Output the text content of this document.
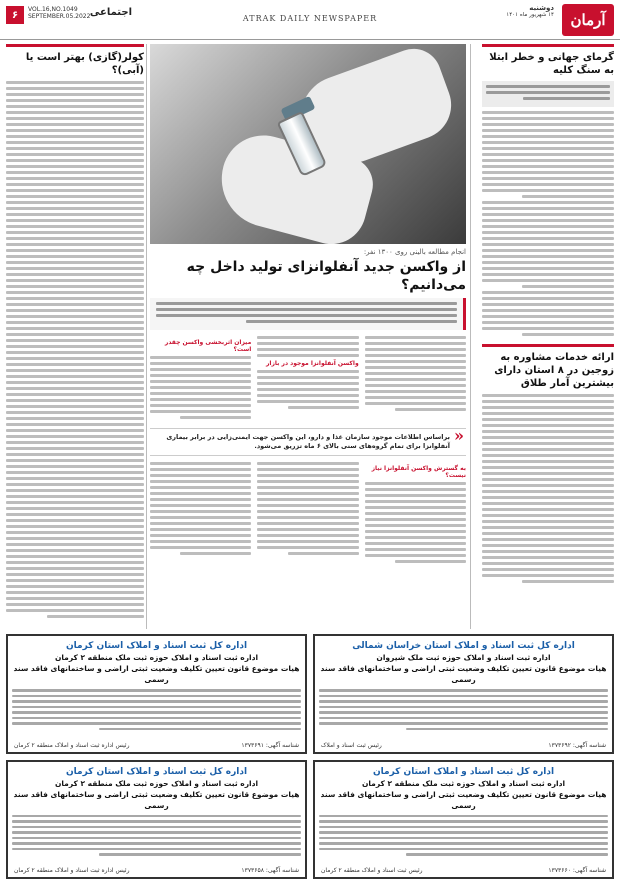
آرمان
دوشنبه
۱۴ شهریور ماه ۱۴۰۱
ATRAK DAILY NEWSPAPER
۶	VOL.16,NO.1049
SEPTEMBER.05.2022 اجتماعی
گرمای جهانی و خطر ابتلا به سنگ کلیه
ارائه خدمات مشاوره به زوجین در ۸ استان دارای بیشترین آمار طلاق
کولر(گازی) بهتر است یا (آبی)؟
انجام مطالعه بالینی روی ۱۳۰۰ نفر:
از واکسن جدید آنفلوانزای تولید داخل چه می‌دانیم؟
واکسن آنفلوانزا موجود در بازار
میزان اثربخشی واکسن چقدر است؟
«
براساس اطلاعات موجود سازمان غذا و دارو، این واکسن جهت ایمنی‌زایی در برابر بیماری آنفلوانزا برای تمام گروه‌های سنی بالای ۶ ماه تزریق می‌شود.
به گسترش واکسن آنفلوانزا نیاز نیست؟
اداره کل ثبت اسناد و املاک استان خراسان شمالی
اداره ثبت اسناد و املاک حوزه ثبت ملک شیروان
هیات موضوع قانون تعیین تکلیف وضعیت ثبتی اراضی و ساختمانهای فاقد سند رسمی
شناسه آگهی: ۱۳۷۳۶۹۲
رئیس ثبت اسناد و املاک
اداره کل ثبت اسناد و املاک استان کرمان
اداره ثبت اسناد و املاک حوزه ثبت ملک منطقه ۲ کرمان
هیات موضوع قانون تعیین تکلیف وضعیت ثبتی اراضی و ساختمانهای فاقد سند رسمی
شناسه آگهی: ۱۳۷۳۶۹۱
رئیس اداره ثبت اسناد و املاک منطقه ۲ کرمان
اداره کل ثبت اسناد و املاک استان کرمان
اداره ثبت اسناد و املاک حوزه ثبت ملک منطقه ۲ کرمان
هیات موضوع قانون تعیین تکلیف وضعیت ثبتی اراضی و ساختمانهای فاقد سند رسمی
شناسه آگهی: ۱۳۷۳۶۶۰
رئیس ثبت اسناد و املاک منطقه ۲ کرمان
اداره کل ثبت اسناد و املاک استان کرمان
اداره ثبت اسناد و املاک حوزه ثبت ملک منطقه ۲ کرمان
هیات موضوع قانون تعیین تکلیف وضعیت ثبتی اراضی و ساختمانهای فاقد سند رسمی
شناسه آگهی: ۱۳۷۳۶۵۸
رئیس اداره ثبت اسناد و املاک منطقه ۲ کرمان
